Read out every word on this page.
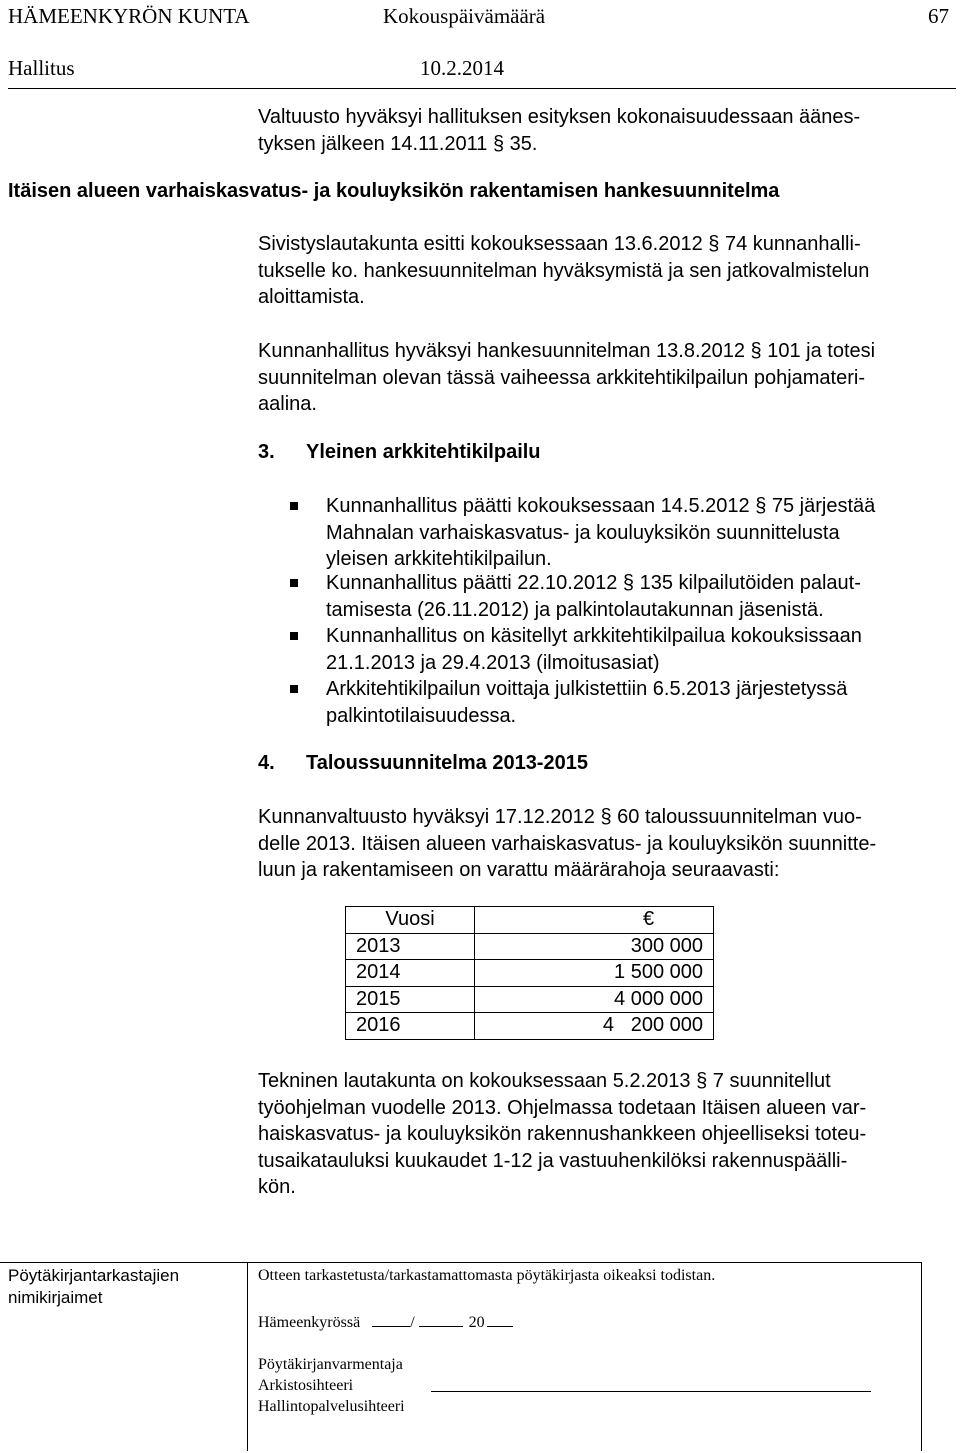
HÄMEENKYRÖN KUNTA	Kokouspäivämäärä	67
Hallitus	10.2.2014

Valtuusto hyväksyi hallituksen esityksen kokonaisuudessaan äänes-

tyksen jälkeen 14.11.2011 § 35.

Itäisen alueen varhaiskasvatus- ja kouluyksikön rakentamisen hankesuunnitelma

Sivistyslautakunta esitti kokouksessaan 13.6.2012 § 74 kunnanhalli-

tukselle ko. hankesuunnitelman hyväksymistä ja sen jatkovalmistelun

aloittamista.

Kunnanhallitus hyväksyi hankesuunnitelman 13.8.2012 § 101 ja totesi

suunnitelman olevan tässä vaiheessa arkkitehtikilpailun pohjamateri-

aalina.

3. Yleinen arkkitehtikilpailu
Kunnanhallitus päätti kokouksessaan 14.5.2012 § 75 järjestää
Mahnalan varhaiskasvatus- ja kouluyksikön suunnittelusta
yleisen arkkitehtikilpailun.
Kunnanhallitus päätti 22.10.2012 § 135 kilpailutöiden palaut-
tamisesta (26.11.2012) ja palkintolautakunnan jäsenistä.
Kunnanhallitus on käsitellyt arkkitehtikilpailua kokouksissaan
21.1.2013 ja 29.4.2013 (ilmoitusasiat)
Arkkitehtikilpailun voittaja julkistettiin 6.5.2013 järjestetyssä
palkintotilaisuudessa.
4. Taloussuunnitelma 2013-2015

Kunnanvaltuusto hyväksyi 17.12.2012 § 60 taloussuunnitelman vuo-

delle 2013. Itäisen alueen varhaiskasvatus- ja kouluyksikön suunnitte-

luun ja rakentamiseen on varattu määrärahoja seuraavasti:

Vuosi	€
2013	300 000
2014	1 500 000
2015	4 000 000
2016	4   200 000

Tekninen lautakunta on kokouksessaan 5.2.2013 § 7 suunnitellut

työohjelman vuodelle 2013. Ohjelmassa todetaan Itäisen alueen var-

haiskasvatus- ja kouluyksikön rakennushankkeen ohjeelliseksi toteu-

tusaikatauluksi kuukaudet 1-12 ja vastuuhenkilöksi rakennuspäälli-

kön.

Pöytäkirjantarkastajien
nimikirjaimet
Otteen tarkastetusta/tarkastamattomasta pöytäkirjasta oikeaksi todistan.
Hämeenkyrössä	/	20
Pöytäkirjanvarmentaja
Arkistosihteeri
Hallintopalvelusihteeri
